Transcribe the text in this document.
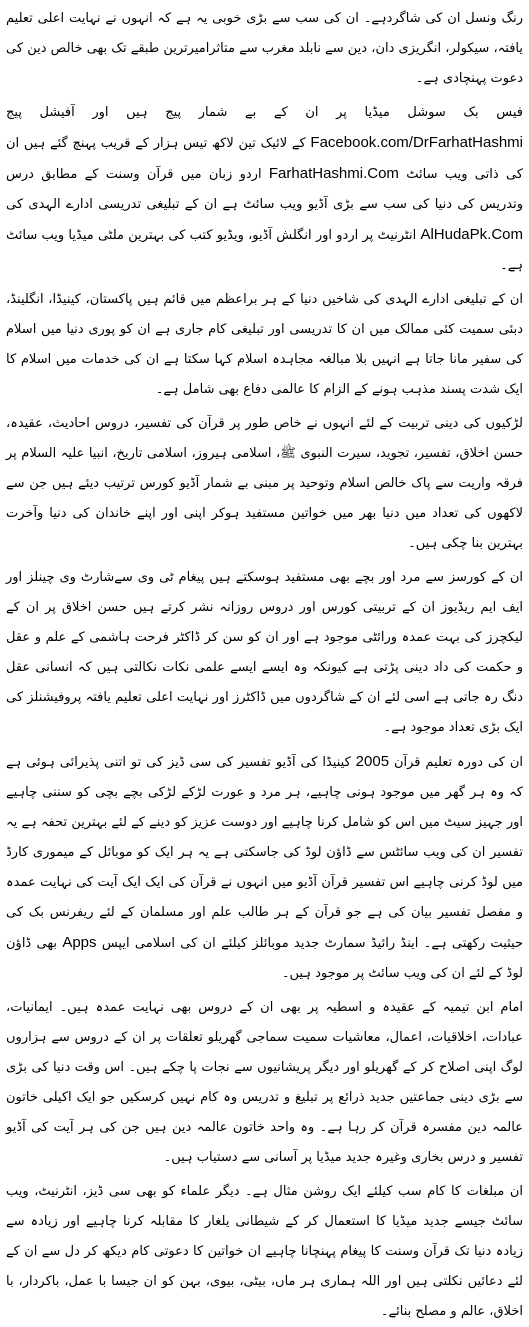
رنگ ونسل ان کی شاگردہے۔ ان کی سب سے بڑی خوبی یہ ہے کہ انہوں نے نہایت اعلی تعلیم یافتہ، سیکولر، انگریزی دان، دین سے نابلد مغرب سے متاثرامیرترین طبقے تک بھی خالص دین کی دعوت پہنچادی ہے۔

فیس بک سوشل میڈیا پر ان کے بے شمار پیج ہیں اور آفیشل پیج Facebook.com/DrFarhatHashmi کے لائیک تین لاکھ تیس ہزار کے قریب پہنچ گئے ہیں ان کی ذاتی ویب سائٹ FarhatHashmi.Com اردو زبان میں قرآن وسنت کے مطابق درس وتدریس کی دنیا کی سب سے بڑی آڈیو ویب سائٹ ہے ان کے تبلیغی تدریسی ادارے الہدی کی AlHudaPk.Com انٹرنیٹ پر اردو اور انگلش آڈیو، ویڈیو کتب کی بہترین ملٹی میڈیا ویب سائٹ ہے۔

ان کے تبلیغی ادارے الہدی کی شاخیں دنیا کے ہر براعظم میں قائم ہیں پاکستان، کینیڈا، انگلینڈ، دبئی سمیت کئی ممالک میں ان کا تدریسی اور تبلیغی کام جاری ہے ان کو پوری دنیا میں اسلام کی سفیر مانا جاتا ہے انہیں بلا مبالغہ مجاہدہ اسلام کہا سکتا ہے ان کی خدمات میں اسلام کا ایک شدت پسند مذہب ہونے کے الزام کا عالمی دفاع بھی شامل ہے۔

لڑکیوں کی دینی تربیت کے لئے انہوں نے خاص طور پر قرآن کی تفسیر، دروس احادیث، عقیدہ، حسن اخلاق، تفسیر، تجوید، سیرت النبوی ﷺ، اسلامی ہیروز، اسلامی تاریخ، انبیا علیہ السلام پر فرقہ واریت سے پاک خالص اسلام وتوحید پر مبنی بے شمار آڈیو کورس ترتیب دیئے ہیں جن سے لاکھوں کی تعداد میں دنیا بھر میں خواتین مستفید ہوکر اپنی اور اپنے خاندان کی دنیا وآخرت بہترین بنا چکی ہیں۔

ان کے کورسز سے مرد اور بچے بھی مستفید ہوسکتے ہیں پیغام ٹی وی سےشارٹ وی چینلز اور ایف ایم ریڈیوز ان کے تربیتی کورس اور دروس روزانہ نشر کرتے ہیں حسن اخلاق پر ان کے لیکچرز کی بہت عمدہ ورائٹی موجود ہے اور ان کو سن کر ڈاکٹر فرحت ہاشمی کے علم و عقل و حکمت کی داد دینی پڑتی ہے کیونکہ وہ ایسے ایسے علمی نکات نکالتی ہیں کہ انسانی عقل دنگ رہ جاتی ہے اسی لئے ان کے شاگردوں میں ڈاکٹرز اور نہایت اعلی تعلیم یافتہ پروفیشنلز کی ایک بڑی تعداد موجود ہے۔

ان کی دورہ تعلیم قرآن 2005 کینیڈا کی آڈیو تفسیر کی سی ڈیز کی تو اتنی پذیرائی ہوئی ہے کہ وہ ہر گھر میں موجود ہونی چاہیے، ہر مرد و عورت لڑکے لڑکی بچے بچی کو سننی چاہیے اور جہیز سیٹ میں اس کو شامل کرنا چاہیے اور دوست عزیز کو دینے کے لئے بہترین تحفہ ہے یہ تفسیر ان کی ویب سائٹس سے ڈاؤن لوڈ کی جاسکتی ہے یہ ہر ایک کو موبائل کے میموری کارڈ میں لوڈ کرنی چاہیے اس تفسیر قرآن آڈیو میں انہوں نے قرآن کی ایک ایک آیت کی نہایت عمدہ و مفصل تفسیر بیان کی ہے جو قرآن کے ہر طالب علم اور مسلمان کے لئے ریفرنس بک کی حیثیت رکھتی ہے۔ اینڈ رائیڈ سمارٹ جدید موبائلز کیلئے ان کی اسلامی ایپس Apps بھی ڈاؤن لوڈ کے لئے ان کی ویب سائٹ پر موجود ہیں۔

امام ابن تیمیہ کے عقیدہ و اسطیہ پر بھی ان کے دروس بھی نہایت عمدہ ہیں۔ ایمانیات، عبادات، اخلاقیات، اعمال، معاشیات سمیت سماجی گھریلو تعلقات پر ان کے دروس سے ہزاروں لوگ اپنی اصلاح کر کے گھریلو اور دیگر پریشانیوں سے نجات پا چکے ہیں۔ اس وقت دنیا کی بڑی سے بڑی دینی جماعتیں جدید ذرائع پر تبلیغ و تدریس وہ کام نہیں کرسکیں جو ایک اکیلی خاتون عالمہ دین مفسرہ قرآن کر رہا ہے۔ وہ واحد خاتون عالمہ دین ہیں جن کی ہر آیت کی آڈیو تفسیر و درس بخاری وغیرہ جدید میڈیا پر آسانی سے دستیاب ہیں۔

ان مبلغات کا کام سب کیلئے ایک روشن مثال ہے۔ دیگر علماء کو بھی سی ڈیز، انٹرنیٹ، ویب سائٹ جیسے جدید میڈیا کا استعمال کر کے شیطانی یلغار کا مقابلہ کرنا چاہیے اور زیادہ سے زیادہ دنیا تک قرآن وسنت کا پیغام پہنچانا چاہیے ان خواتین کا دعوتی کام دیکھ کر دل سے ان کے لئے دعائیں نکلتی ہیں اور اللہ ہماری ہر ماں، بیٹی، بیوی، بہن کو ان جیسا با عمل، باکردار، با اخلاق، عالم و مصلح بنائے۔
